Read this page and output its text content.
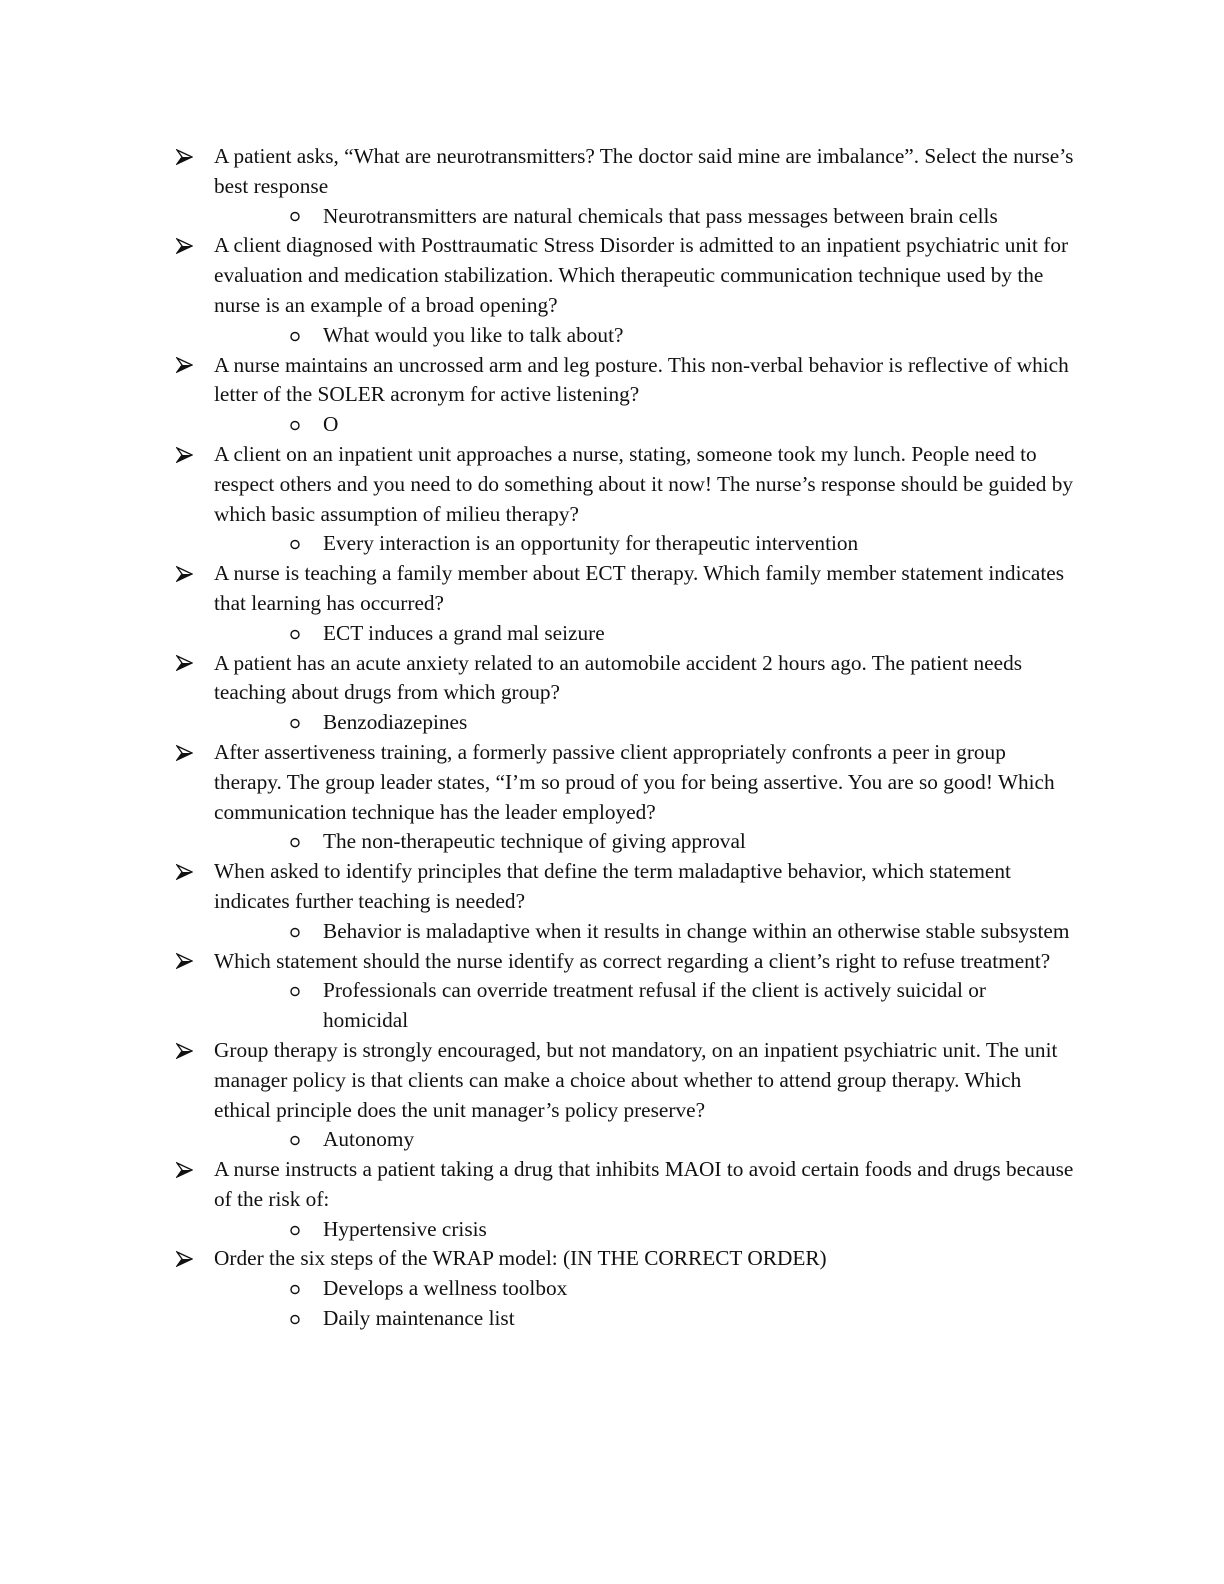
A patient asks, “What are neurotransmitters? The doctor said mine are imbalance”. Select the nurse’s best response
Neurotransmitters are natural chemicals that pass messages between brain cells
A client diagnosed with Posttraumatic Stress Disorder is admitted to an inpatient psychiatric unit for evaluation and medication stabilization. Which therapeutic communication technique used by the nurse is an example of a broad opening?
What would you like to talk about?
A nurse maintains an uncrossed arm and leg posture. This non-verbal behavior is reflective of which letter of the SOLER acronym for active listening?
O
A client on an inpatient unit approaches a nurse, stating, someone took my lunch. People need to respect others and you need to do something about it now! The nurse’s response should be guided by which basic assumption of milieu therapy?
Every interaction is an opportunity for therapeutic intervention
A nurse is teaching a family member about ECT therapy. Which family member statement indicates that learning has occurred?
ECT induces a grand mal seizure
A patient has an acute anxiety related to an automobile accident 2 hours ago. The patient needs teaching about drugs from which group?
Benzodiazepines
After assertiveness training, a formerly passive client appropriately confronts a peer in group therapy. The group leader states, “I’m so proud of you for being assertive. You are so good! Which communication technique has the leader employed?
The non-therapeutic technique of giving approval
When asked to identify principles that define the term maladaptive behavior, which statement indicates further teaching is needed?
Behavior is maladaptive when it results in change within an otherwise stable subsystem
Which statement should the nurse identify as correct regarding a client’s right to refuse treatment?
Professionals can override treatment refusal if the client is actively suicidal or homicidal
Group therapy is strongly encouraged, but not mandatory, on an inpatient psychiatric unit. The unit manager policy is that clients can make a choice about whether to attend group therapy. Which ethical principle does the unit manager’s policy preserve?
Autonomy
A nurse instructs a patient taking a drug that inhibits MAOI to avoid certain foods and drugs because of the risk of:
Hypertensive crisis
Order the six steps of the WRAP model: (IN THE CORRECT ORDER)
Develops a wellness toolbox
Daily maintenance list
